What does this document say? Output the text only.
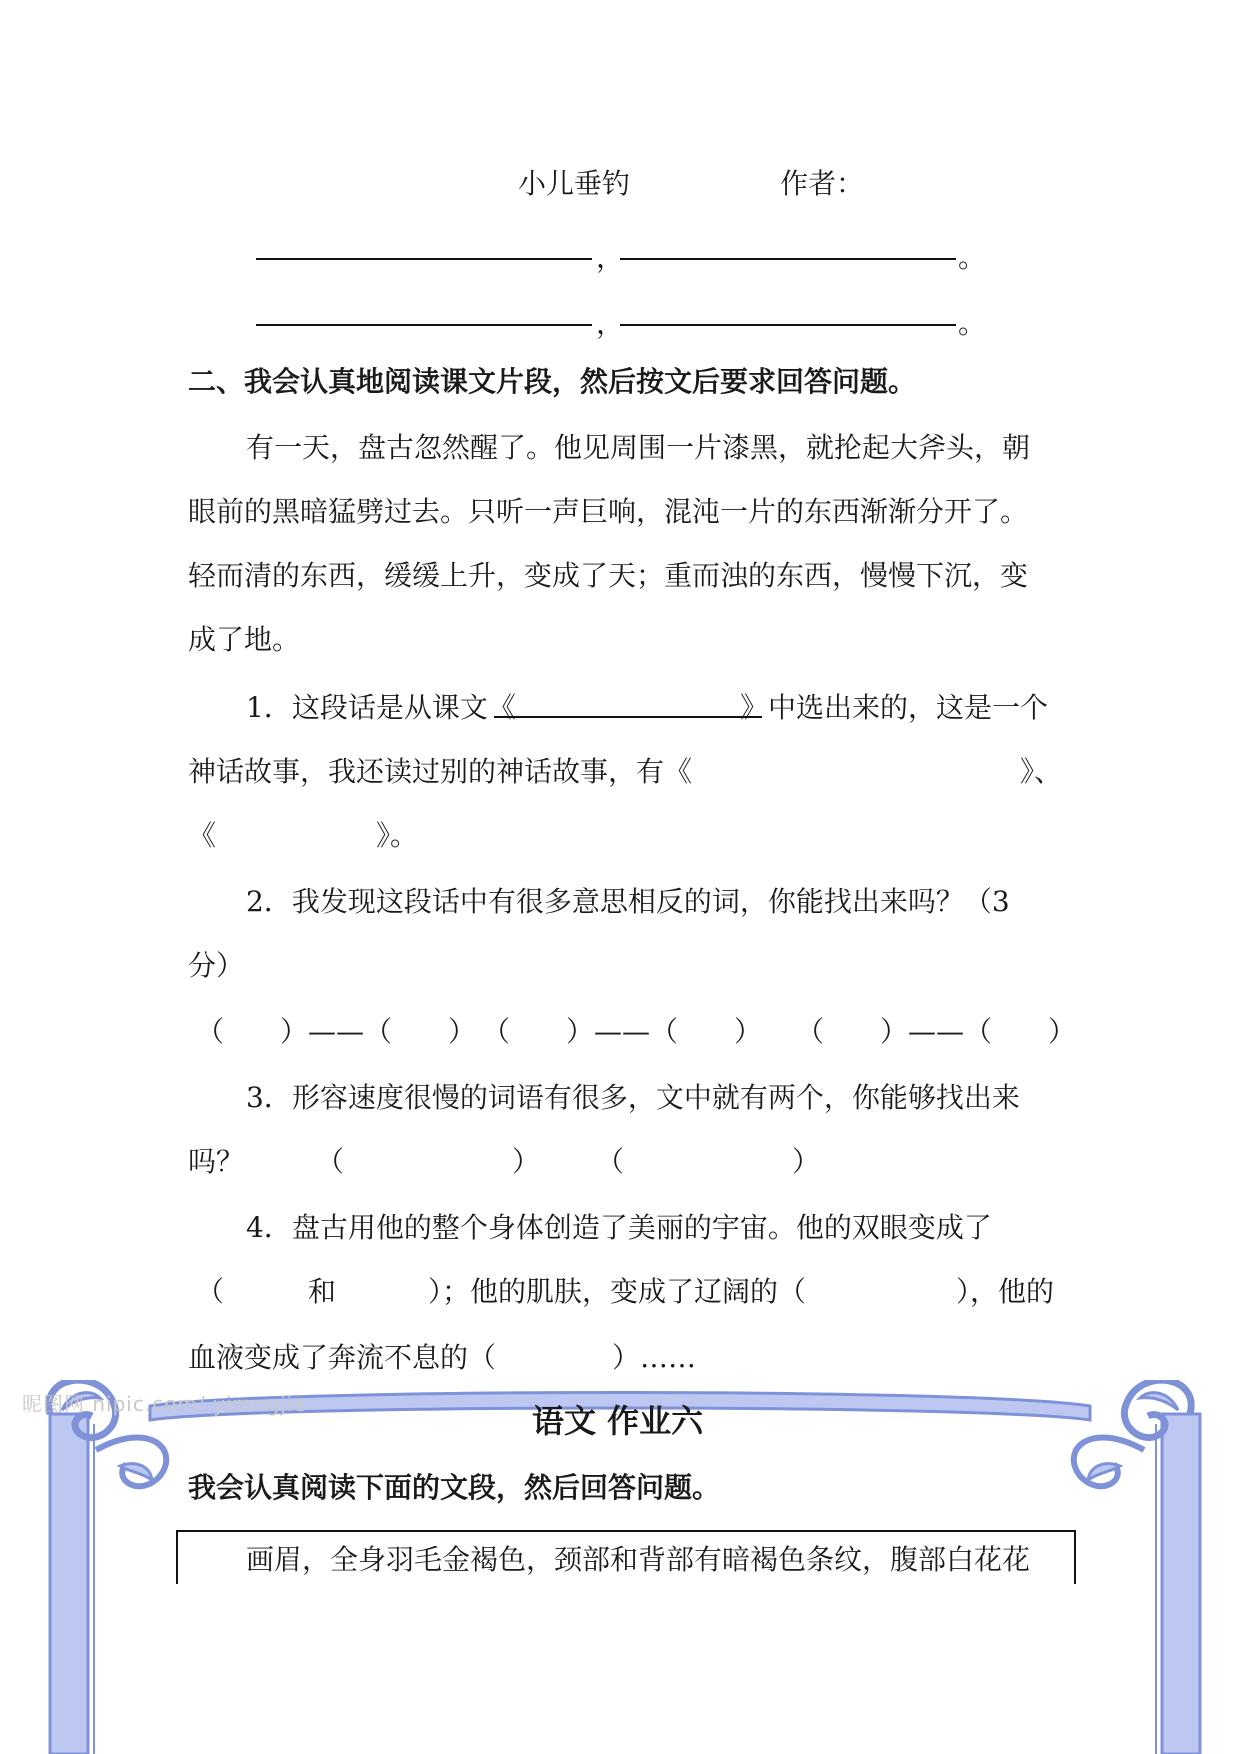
小儿垂钓	作者：
，	。
，	。
二、我会认真地阅读课文片段，然后按文后要求回答问题。
有一天，盘古忽然醒了。他见周围一片漆黑，就抡起大斧头，朝
眼前的黑暗猛劈过去。只听一声巨响，混沌一片的东西渐渐分开了。
轻而清的东西，缓缓上升，变成了天；重而浊的东西，慢慢下沉，变
成了地。
1．这段话是从课文《	》中选出来的，这是一个
神话故事，我还读过别的神话故事，有《	》、
《	》。
2．我发现这段话中有很多意思相反的词，你能找出来吗？（3
分）
（　　）——（　　） （　　）——（　　） （　　）——（　　）
3．形容速度很慢的词语有很多，文中就有两个，你能够找出来
吗？	（　　　　　　） （　　　　　　）
4．盘古用他的整个身体创造了美丽的宇宙。他的双眼变成了
（	和	）；他的肌肤，变成了辽阔的（	），他的
血液变成了奔流不息的（	）……
昵图网 nipic.com/ yimngjie	语文 作业六
我会认真阅读下面的文段，然后回答问题。
画眉，全身羽毛金褐色，颈部和背部有暗褐色条纹，腹部白花花
